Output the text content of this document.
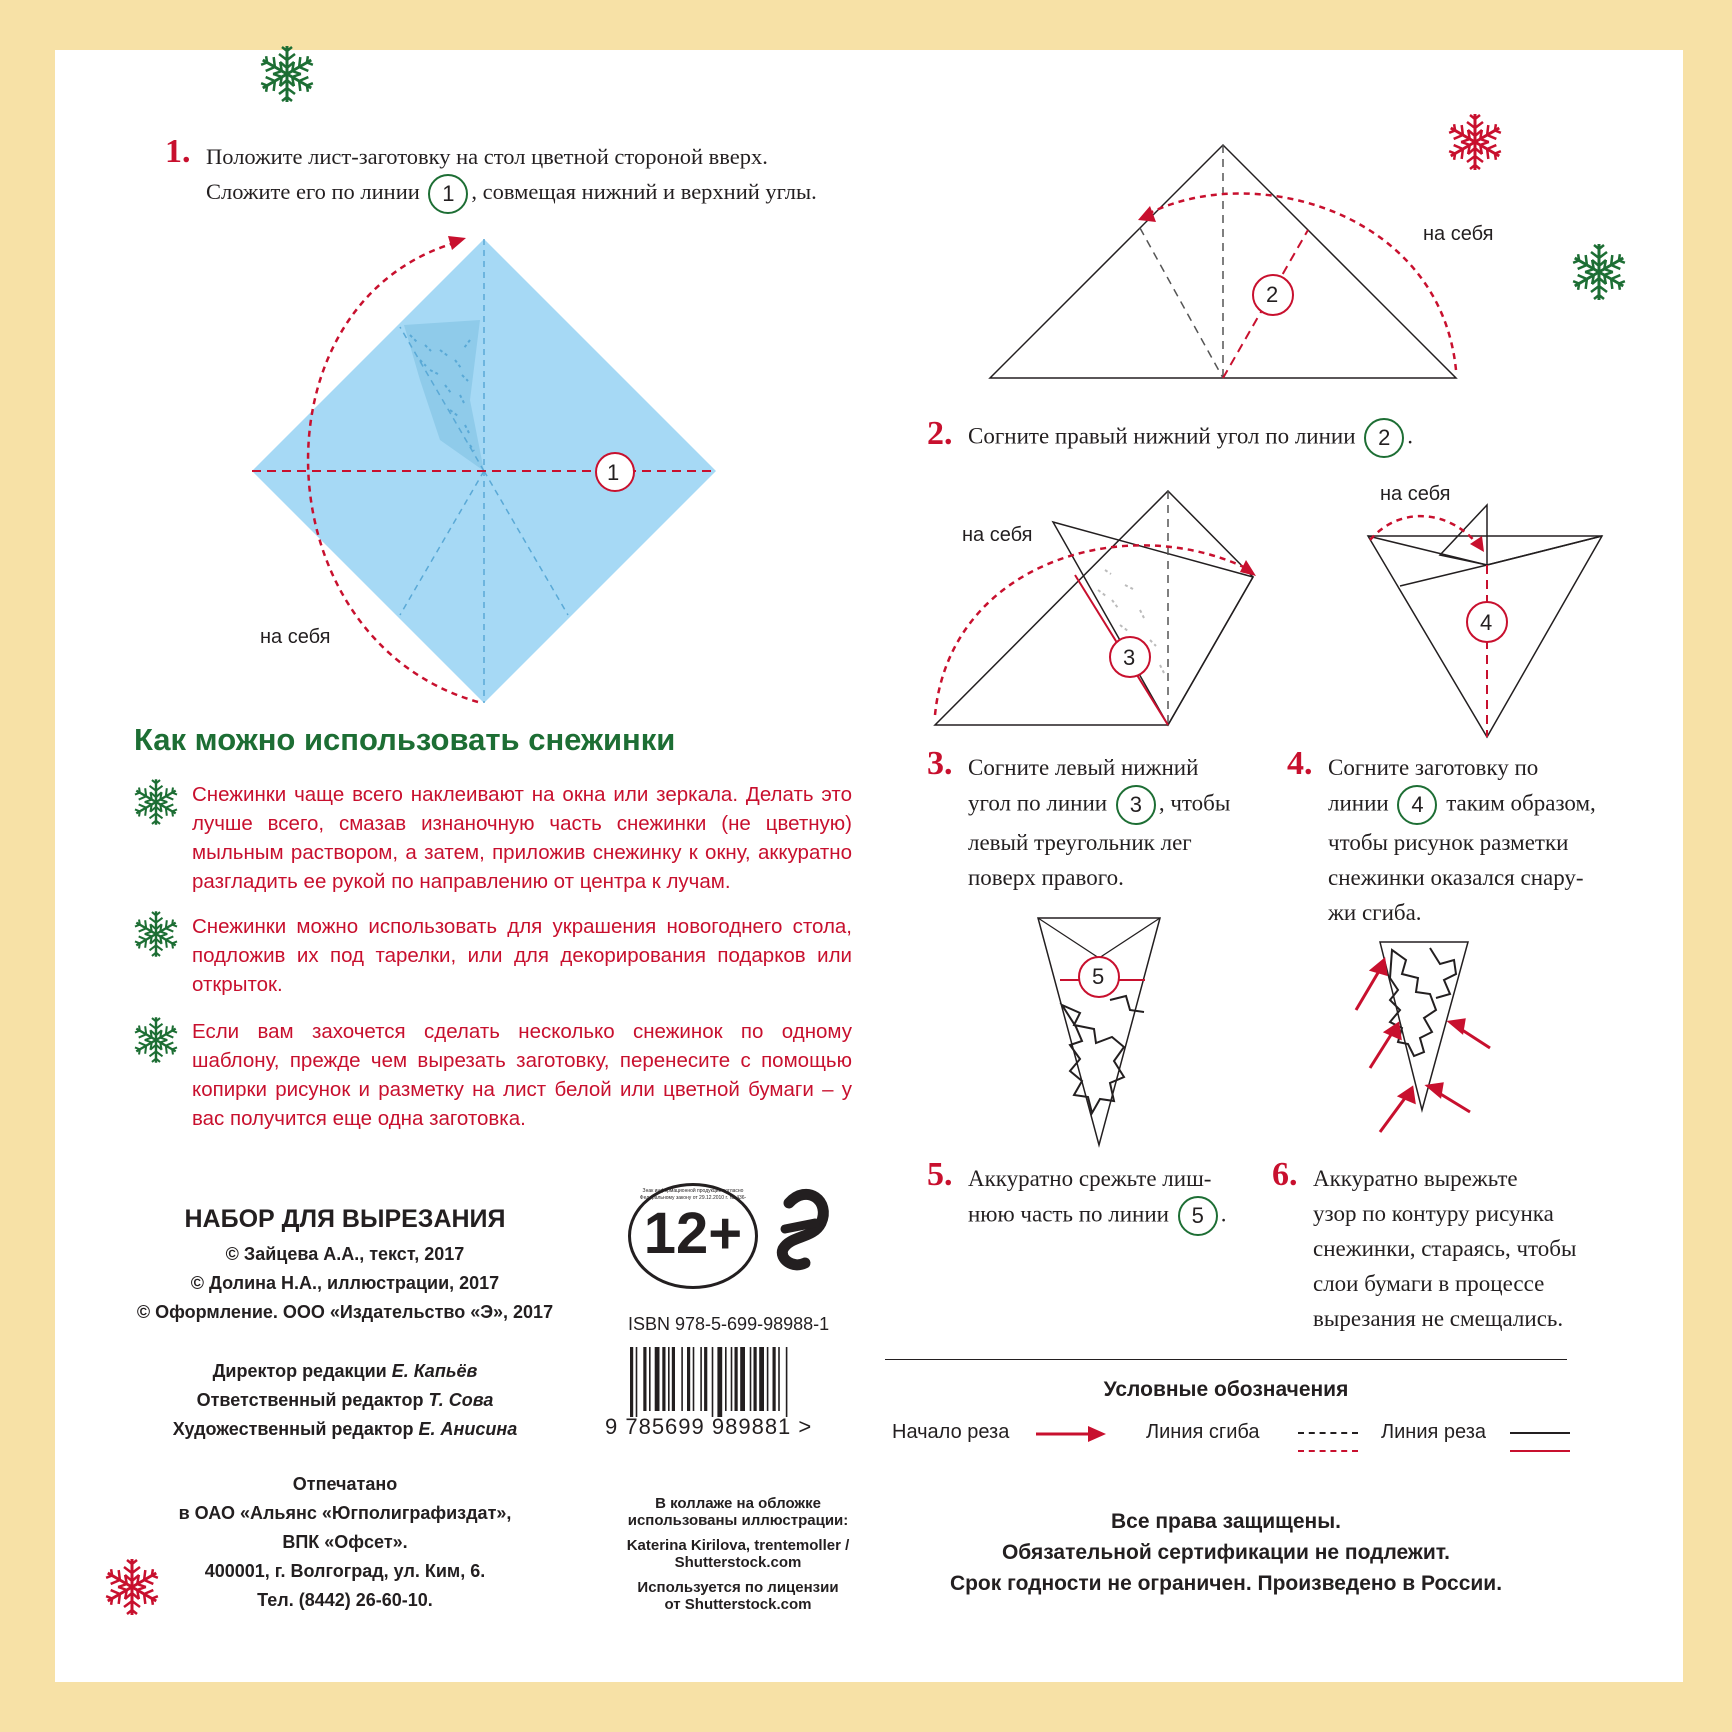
1. Положите лист-заготовку на стол цветной стороной вверх.
Сложите его по линии 1 , совмещая нижний и верхний углы.
1
на себя
2
на себя
2. Согните правый нижний угол по линии 2 .
3
на себя
4
на себя
3. Согните левый нижний
угол по линии 3 , чтобы
левый треугольник лег
поверх правого.
4. Согните заготовку по
линии 4 таким образом,
чтобы рисунок разметки
снежинки оказался снару-
жи сгиба.
5
5. Аккуратно срежьте лиш-
нюю часть по линии 5 .
6. Аккуратно вырежьте
узор по контуру рисунка
снежинки, стараясь, чтобы
слои бумаги в процессе
вырезания не смещались.
Как можно использовать снежинки
Снежинки чаще всего наклеивают на окна или зеркала. Делать это лучше всего, смазав изнаночную часть снежинки (не цветную) мыльным раствором, а затем, приложив снежинку к окну, аккуратно разгладить ее рукой по направлению от центра к лучам.
Снежинки можно использовать для украшения новогоднего стола, подложив их под тарелки, или для декорирования подарков или открыток.
Если вам захочется сделать несколько снежинок по одному шаблону, прежде чем вырезать заготовку, перенесите с помощью копирки рисунок и разметку на лист белой или цветной бумаги – у вас получится еще одна заготовка.
НАБОР ДЛЯ ВЫРЕЗАНИЯ
© Зайцева А.А., текст, 2017
© Долина Н.А., иллюстрации, 2017
© Оформление. ООО «Издательство «Э», 2017
Директор редакции Е. Капьёв
Ответственный редактор Т. Сова
Художественный редактор Е. Анисина
Отпечатано
в ОАО «Альянс «Югполиграфиздат»,
ВПК «Офсет».
400001, г. Волгоград, ул. Ким, 6.
Тел. (8442) 26-60-10.
12+
Знак информационной продукции согласно Федеральному закону от 29.12.2010 г. № 436-
ISBN 978-5-699-98988-1
9 785699 989881 >
В коллаже на обложке
использованы иллюстрации:
Katerina Kirilova, trentemoller /
Shutterstock.com
Используется по лицензии
от Shutterstock.com
Условные обозначения
Начало реза	Линия сгиба	Линия реза
Все права защищены.
Обязательной сертификации не подлежит.
Срок годности не ограничен. Произведено в России.
